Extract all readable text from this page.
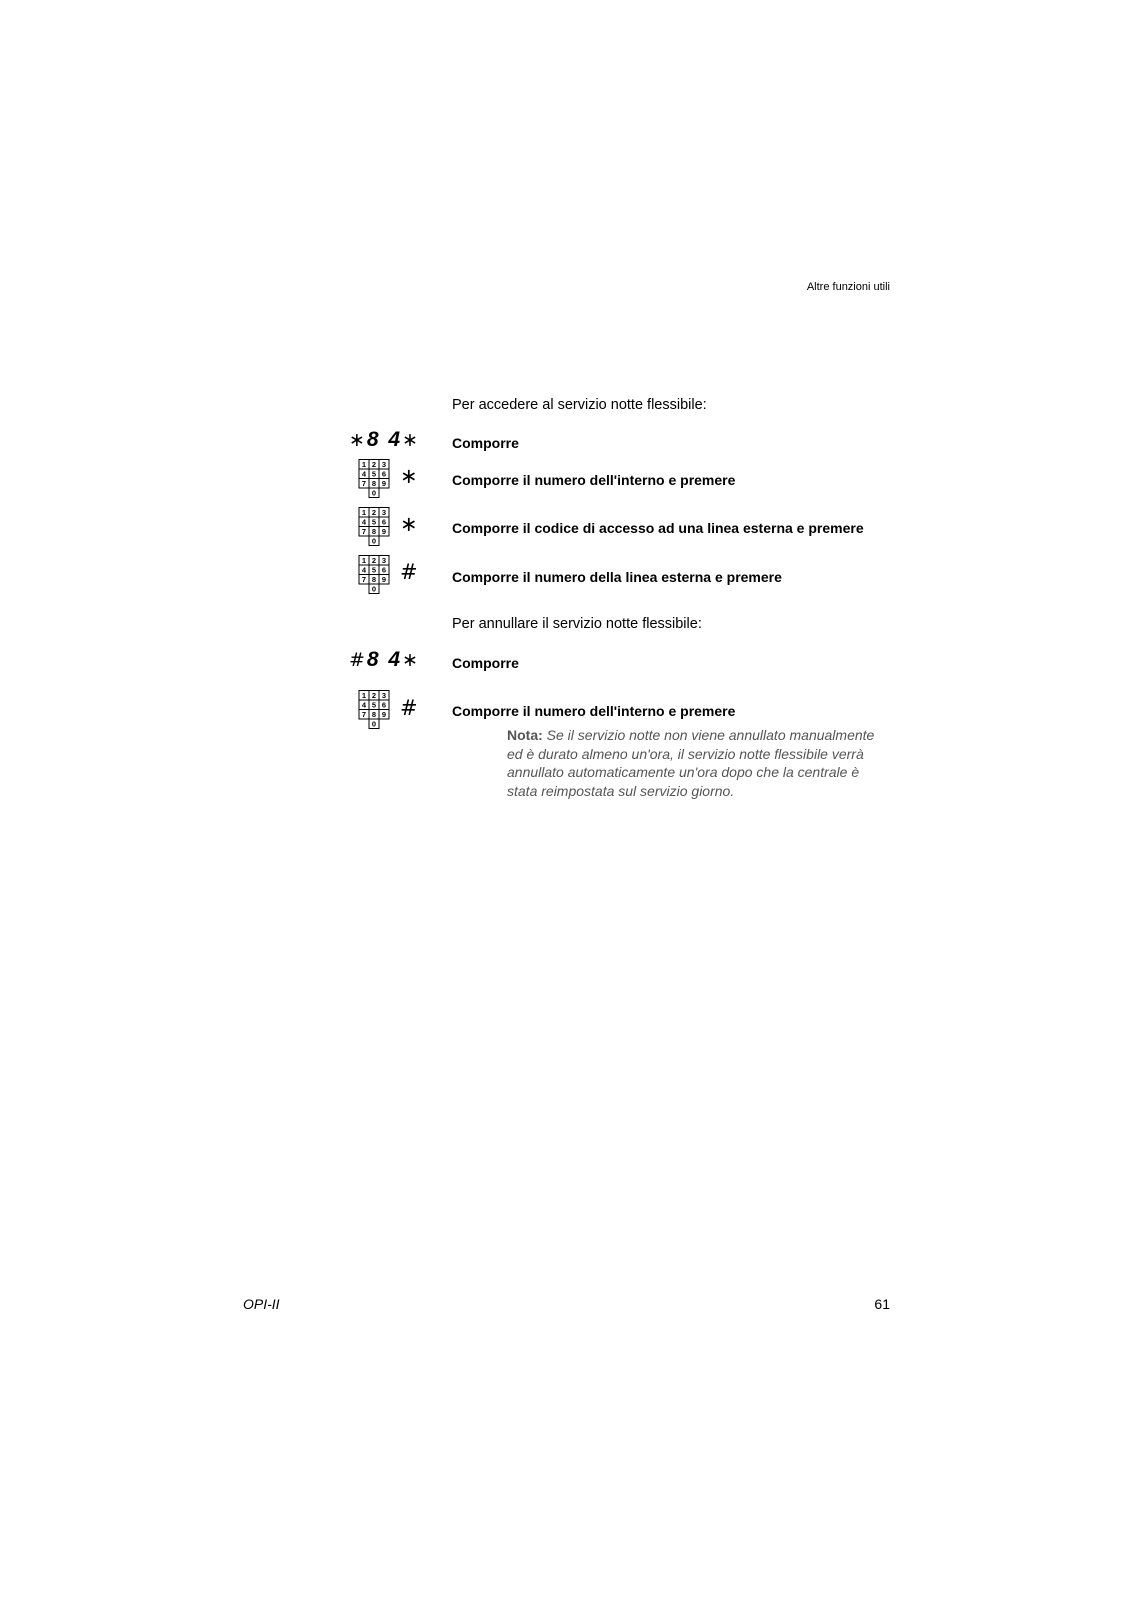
Altre funzioni utili
Per accedere al servizio notte flessibile:
∗8 4∗ Comporre
1 2 3
4 5 6
7 8 9
0
∗ Comporre il numero dell'interno e premere
1 2 3
4 5 6
7 8 9
0
∗ Comporre il codice di accesso ad una linea esterna e premere
1 2 3
4 5 6
7 8 9
0
# Comporre il numero della linea esterna e premere
Per annullare il servizio notte flessibile:
#8 4∗ Comporre
1 2 3
4 5 6
7 8 9
0
# Comporre il numero dell'interno e premere
Nota: Se il servizio notte non viene annullato manualmente ed è durato almeno un'ora, il servizio notte flessibile verrà annullato automaticamente un'ora dopo che la centrale è stata reimpostata sul servizio giorno.
OPI-II	61
